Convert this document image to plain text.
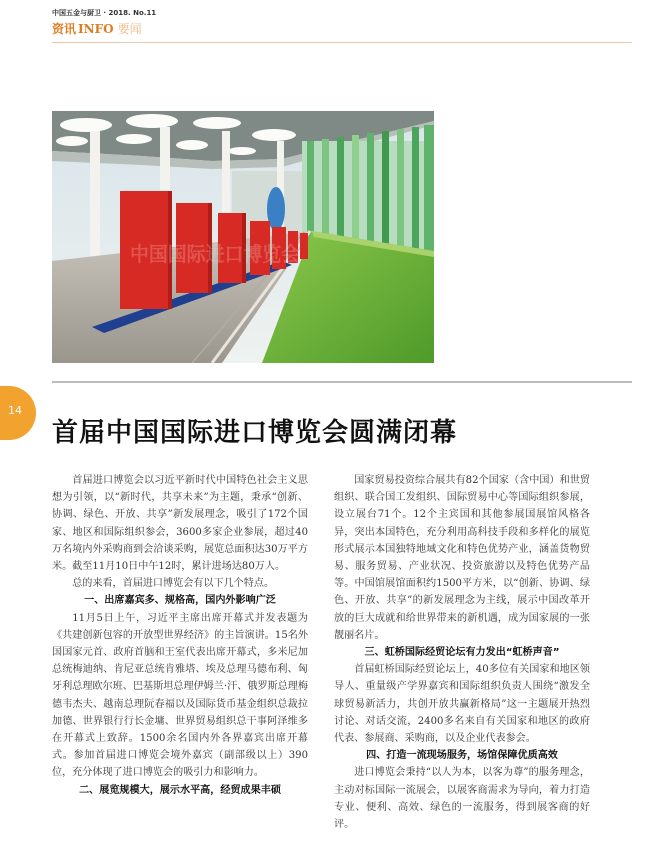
中国五金与厨卫 · 2018. No.11
资讯 INFO 要闻
中国国际进口博览会
14
首届中国国际进口博览会圆满闭幕

首届进口博览会以习近平新时代中国特色社会主义思想为引领，以“新时代，共享未来”为主题，秉承“创新、协调、绿色、开放、共享”新发展理念，吸引了172个国家、地区和国际组织参会，3600多家企业参展，超过40万名境内外采购商到会洽谈采购，展览总面积达30万平方米。截至11月10日中午12时，累计进场达80万人。

总的来看，首届进口博览会有以下几个特点。

一、出席嘉宾多、规格高，国内外影响广泛

11月5日上午，习近平主席出席开幕式并发表题为《共建创新包容的开放型世界经济》的主旨演讲。15名外国国家元首、政府首脑和王室代表出席开幕式，多米尼加总统梅迪纳、肯尼亚总统肯雅塔、埃及总理马德布利、匈牙利总理欧尔班、巴基斯坦总理伊姆兰·汗、俄罗斯总理梅德韦杰夫、越南总理阮春福以及国际货币基金组织总裁拉加德、世界银行行长金墉、世界贸易组织总干事阿泽维多在开幕式上致辞。1500余名国内外各界嘉宾出席开幕式。参加首届进口博览会境外嘉宾（副部级以上）390位，充分体现了进口博览会的吸引力和影响力。

二、展览规模大，展示水平高，经贸成果丰硕

国家贸易投资综合展共有82个国家（含中国）和世贸组织、联合国工发组织、国际贸易中心等国际组织参展，设立展台71个。12个主宾国和其他参展国展馆风格各异，突出本国特色，充分利用高科技手段和多样化的展览形式展示本国独特地域文化和特色优势产业，涵盖货物贸易、服务贸易、产业状况、投资旅游以及特色优势产品等。中国馆展馆面积约1500平方米，以“创新、协调、绿色、开放、共享”的新发展理念为主线，展示中国改革开放的巨大成就和给世界带来的新机遇，成为国家展的一张靓丽名片。

三、虹桥国际经贸论坛有力发出“虹桥声音”

首届虹桥国际经贸论坛上，40多位有关国家和地区领导人、重量级产学界嘉宾和国际组织负责人围绕“激发全球贸易新活力，共创开放共赢新格局”这一主题展开热烈讨论、对话交流，2400多名来自有关国家和地区的政府代表、参展商、采购商，以及企业代表参会。

四、打造一流现场服务，场馆保障优质高效

进口博览会秉持“以人为本，以客为尊”的服务理念，主动对标国际一流展会，以展客商需求为导向，着力打造专业、便利、高效、绿色的一流服务，得到展客商的好评。
